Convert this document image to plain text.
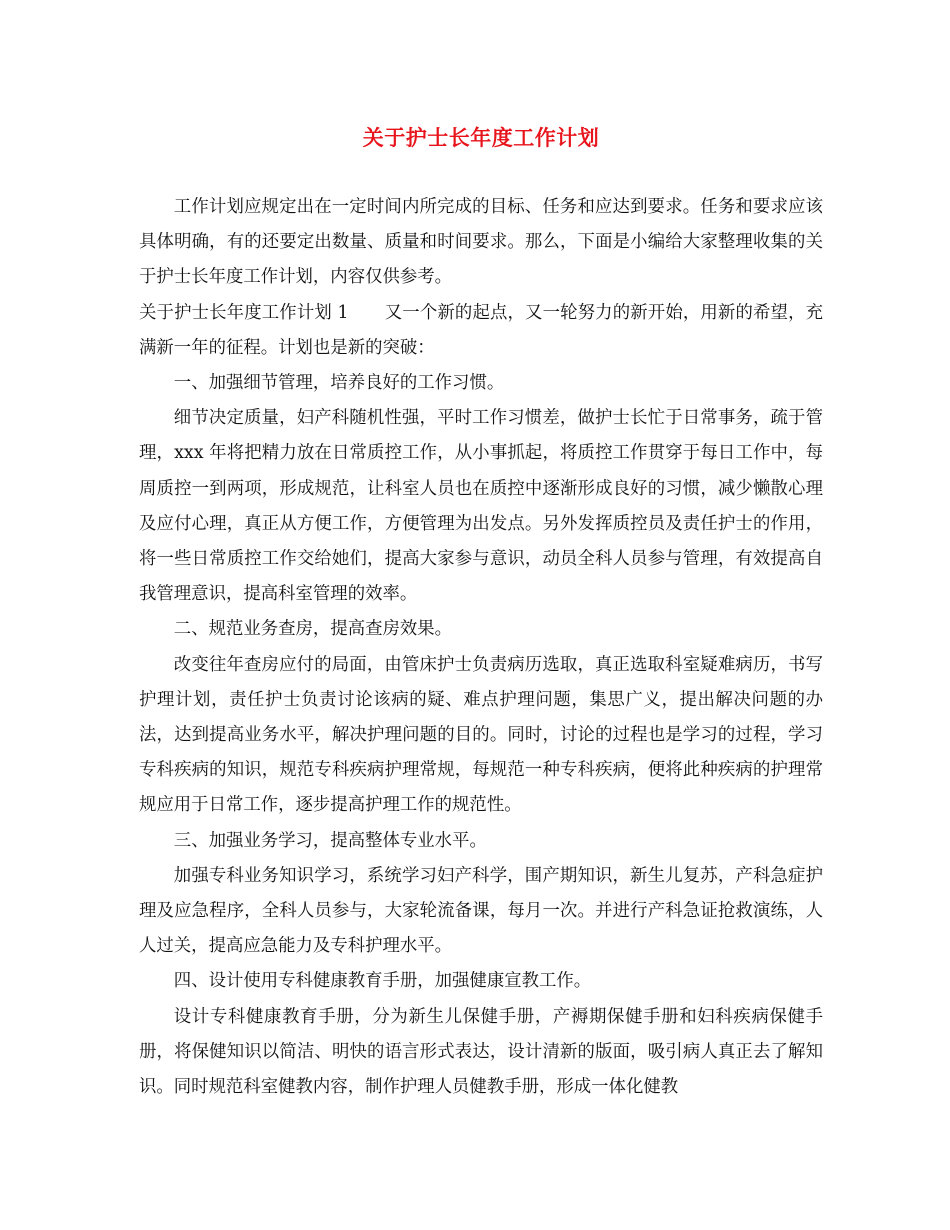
关于护士长年度工作计划

工作计划应规定出在一定时间内所完成的目标、任务和应达到要求。任务和要求应该具体明确，有的还要定出数量、质量和时间要求。那么，下面是小编给大家整理收集的关于护士长年度工作计划，内容仅供参考。

关于护士长年度工作计划 1 又一个新的起点，又一轮努力的新开始，用新的希望，充满新一年的征程。计划也是新的突破：

一、加强细节管理，培养良好的工作习惯。

细节决定质量，妇产科随机性强，平时工作习惯差，做护士长忙于日常事务，疏于管理，xxx 年将把精力放在日常质控工作，从小事抓起，将质控工作贯穿于每日工作中，每周质控一到两项，形成规范，让科室人员也在质控中逐渐形成良好的习惯，减少懒散心理及应付心理，真正从方便工作，方便管理为出发点。另外发挥质控员及责任护士的作用，将一些日常质控工作交给她们，提高大家参与意识，动员全科人员参与管理，有效提高自我管理意识，提高科室管理的效率。

二、规范业务查房，提高查房效果。

改变往年查房应付的局面，由管床护士负责病历选取，真正选取科室疑难病历，书写护理计划，责任护士负责讨论该病的疑、难点护理问题，集思广义，提出解决问题的办法，达到提高业务水平，解决护理问题的目的。同时，讨论的过程也是学习的过程，学习专科疾病的知识，规范专科疾病护理常规，每规范一种专科疾病，便将此种疾病的护理常规应用于日常工作，逐步提高护理工作的规范性。

三、加强业务学习，提高整体专业水平。

加强专科业务知识学习，系统学习妇产科学，围产期知识，新生儿复苏，产科急症护理及应急程序，全科人员参与，大家轮流备课，每月一次。并进行产科急证抢救演练，人人过关，提高应急能力及专科护理水平。

四、设计使用专科健康教育手册，加强健康宣教工作。

设计专科健康教育手册，分为新生儿保健手册，产褥期保健手册和妇科疾病保健手册，将保健知识以简洁、明快的语言形式表达，设计清新的版面，吸引病人真正去了解知识。同时规范科室健教内容，制作护理人员健教手册，形成一体化健教
